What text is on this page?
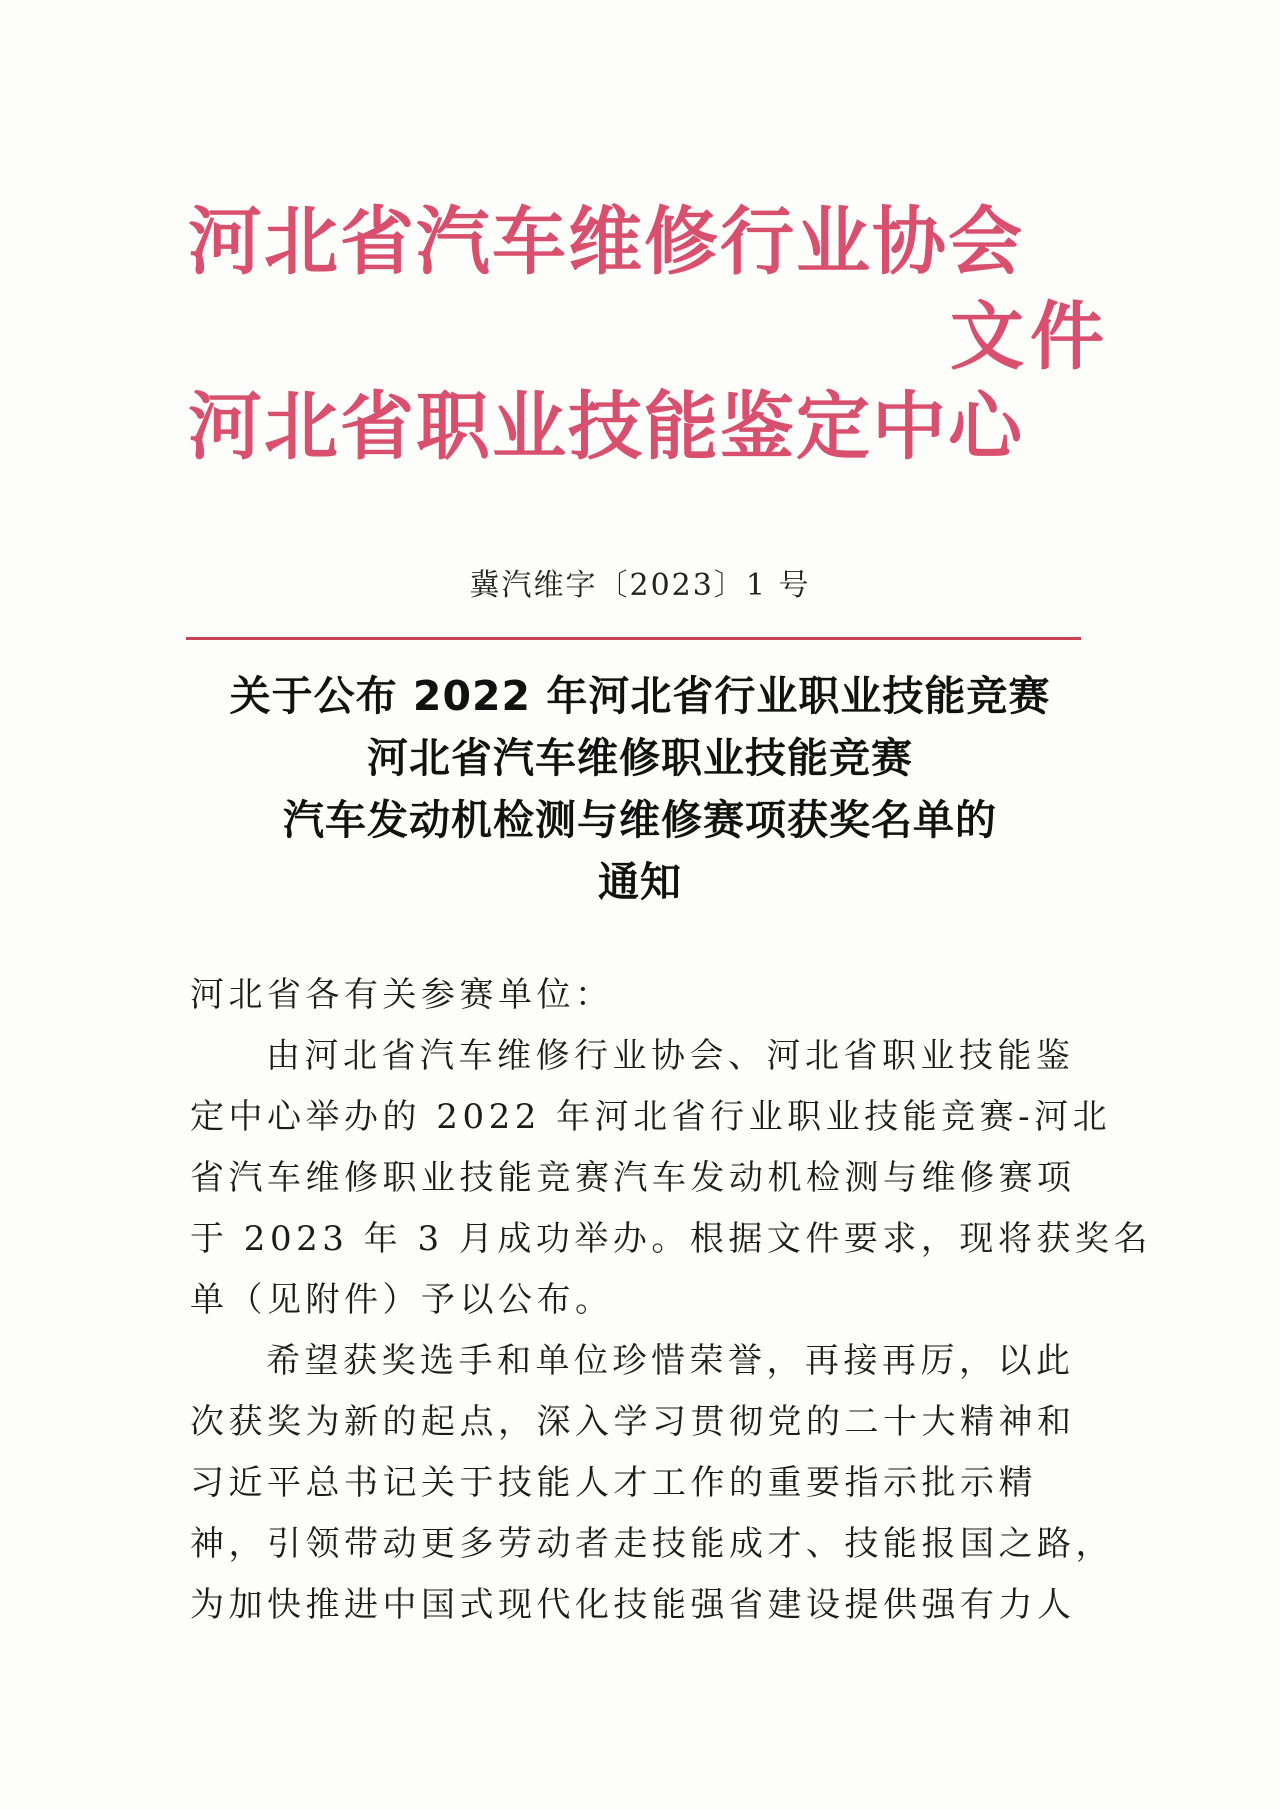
河北省汽车维修行业协会
文件
河北省职业技能鉴定中心
冀汽维字〔2023〕1 号
关于公布 2022 年河北省行业职业技能竞赛
河北省汽车维修职业技能竞赛
汽车发动机检测与维修赛项获奖名单的
通知
河北省各有关参赛单位：
由河北省汽车维修行业协会、河北省职业技能鉴
定中心举办的 2022 年河北省行业职业技能竞赛-河北
省汽车维修职业技能竞赛汽车发动机检测与维修赛项
于 2023 年 3 月成功举办。根据文件要求，现将获奖名
单（见附件）予以公布。
希望获奖选手和单位珍惜荣誉，再接再厉，以此
次获奖为新的起点，深入学习贯彻党的二十大精神和
习近平总书记关于技能人才工作的重要指示批示精
神，引领带动更多劳动者走技能成才、技能报国之路，
为加快推进中国式现代化技能强省建设提供强有力人
